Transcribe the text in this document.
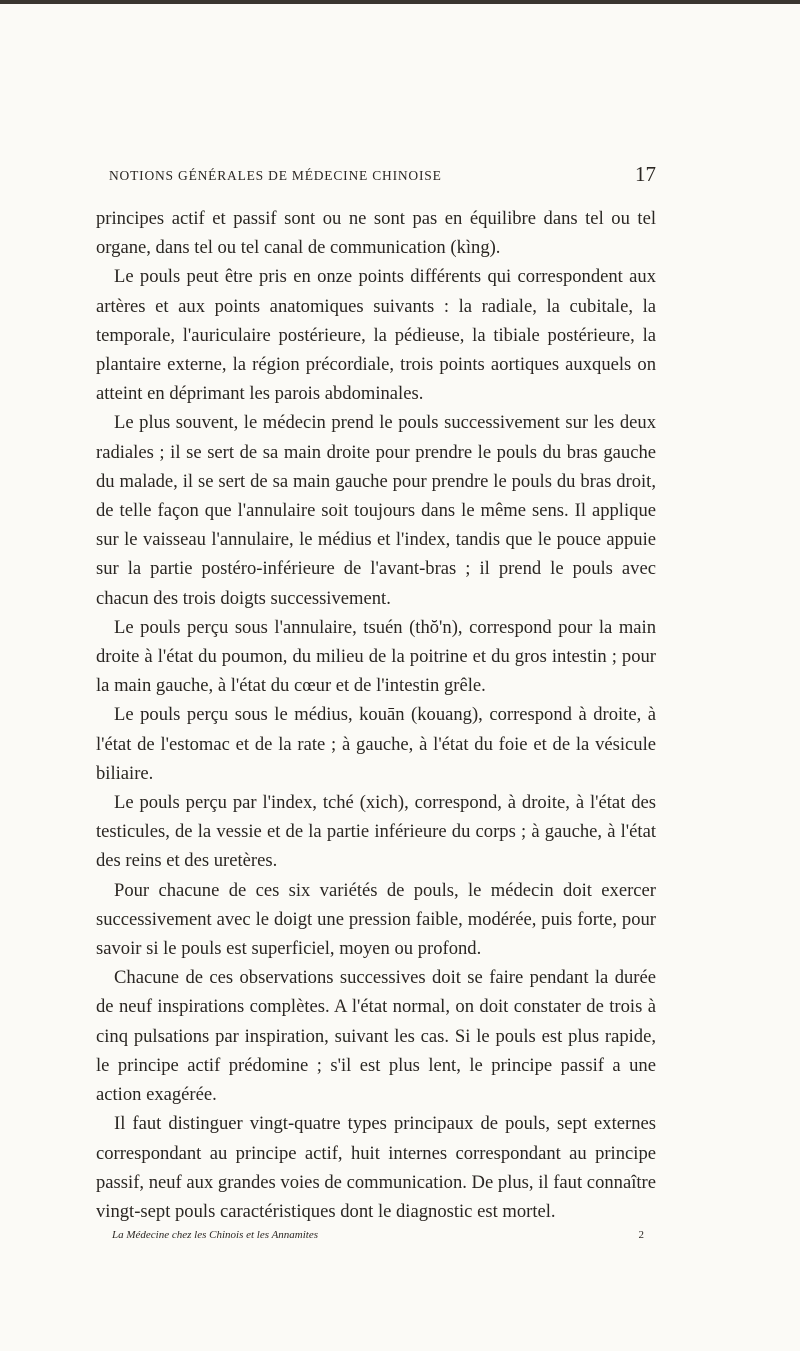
NOTIONS GÉNÉRALES DE MÉDECINE CHINOISE	17

principes actif et passif sont ou ne sont pas en équilibre dans tel ou tel organe, dans tel ou tel canal de communication (kìng).

Le pouls peut être pris en onze points différents qui correspondent aux artères et aux points anatomiques suivants : la radiale, la cubitale, la temporale, l'auriculaire postérieure, la pédieuse, la tibiale postérieure, la plantaire externe, la région précordiale, trois points aortiques auxquels on atteint en déprimant les parois abdominales.

Le plus souvent, le médecin prend le pouls successivement sur les deux radiales ; il se sert de sa main droite pour prendre le pouls du bras gauche du malade, il se sert de sa main gauche pour prendre le pouls du bras droit, de telle façon que l'annulaire soit toujours dans le même sens. Il applique sur le vaisseau l'annulaire, le médius et l'index, tandis que le pouce appuie sur la partie postéro-inférieure de l'avant-bras ; il prend le pouls avec chacun des trois doigts successivement.

Le pouls perçu sous l'annulaire, tsuén (thŏ'n), correspond pour la main droite à l'état du poumon, du milieu de la poitrine et du gros intestin ; pour la main gauche, à l'état du cœur et de l'intestin grêle.

Le pouls perçu sous le médius, kouān (kouang), correspond à droite, à l'état de l'estomac et de la rate ; à gauche, à l'état du foie et de la vésicule biliaire.

Le pouls perçu par l'index, tché (xich), correspond, à droite, à l'état des testicules, de la vessie et de la partie inférieure du corps ; à gauche, à l'état des reins et des uretères.

Pour chacune de ces six variétés de pouls, le médecin doit exercer successivement avec le doigt une pression faible, modérée, puis forte, pour savoir si le pouls est superficiel, moyen ou profond.

Chacune de ces observations successives doit se faire pendant la durée de neuf inspirations complètes. A l'état normal, on doit constater de trois à cinq pulsations par inspiration, suivant les cas. Si le pouls est plus rapide, le principe actif prédomine ; s'il est plus lent, le principe passif a une action exagérée.

Il faut distinguer vingt-quatre types principaux de pouls, sept externes correspondant au principe actif, huit internes correspondant au principe passif, neuf aux grandes voies de communication. De plus, il faut connaître vingt-sept pouls caractéristiques dont le diagnostic est mortel.

La Médecine chez les Chinois et les Annamites	2
